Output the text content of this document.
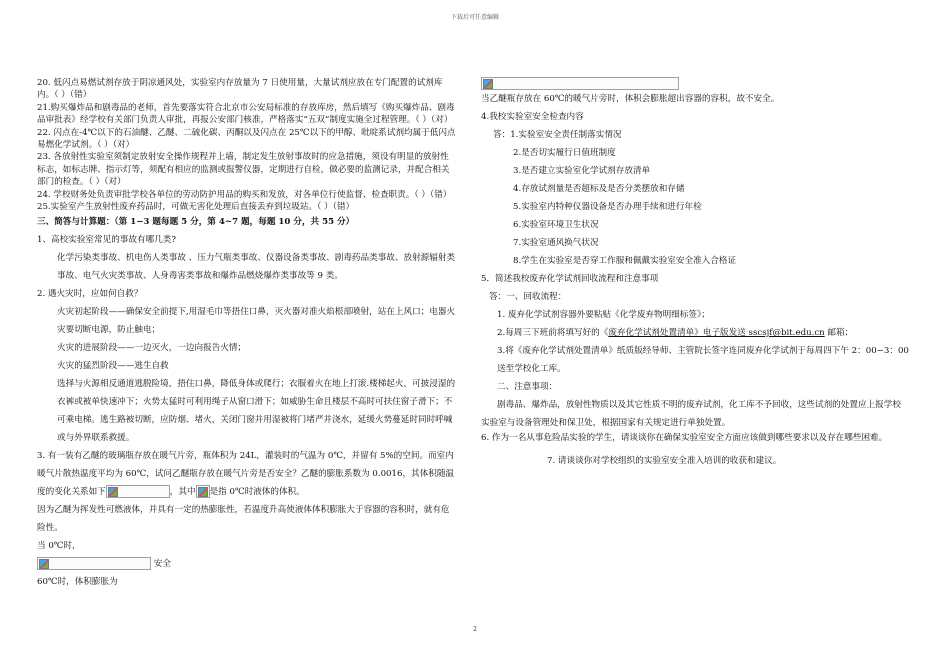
下载后可任意编辑

20. 低闪点易燃试剂存放于阴凉通风处，实验室内存放量为 7 日使用量，大量试剂应放在专门配置的试剂库内。（ ）（错）

21.购买爆炸品和剧毒品的老师，首先要落实符合北京市公安局标准的存放库房，然后填写《购买爆炸品、剧毒品审批表》经学校有关部门负责人审批，再报公安部门核准，严格落实“五双”制度实施全过程管理。（ ）（对）

22. 闪点在-4℃以下的石油醚、乙醚、二硫化碳、丙酮以及闪点在 25℃以下的甲醇、吡啶系试剂均属于低闪点易燃化学试剂。（ ）（对）

23. 各放射性实验室须制定放射安全操作规程并上墙，制定发生放射事故时的应急措施，须设有明显的放射性标志，如标志牌、指示灯等，须配有相应的监测或报警仪器，定期进行自检，做必要的监测记录，并配合相关部门的检查。（ ）（对）

24. 学校财务处负责审批学校各单位的劳动防护用品的购买和发放，对各单位行使监督、检查职责。（ ）（错）

25.实验室产生放射性废弃药品时，可做无害化处理后直接丢弃到垃圾站。（ ）（错）

三、简答与计算题：（第 1−3 题每题 5 分，第 4~7 题，每题 10 分，共 55 分）

1、高校实验室常见的事故有哪几类?

化学污染类事故、机电伤人类事故 、压力气瓶类事故、仪器设备类事故、剧毒药品类事故、放射源辐射类事故、电气火灾类事故、人身毒害类事故和爆炸品燃烧爆炸类事故等 9 类。

2. 遇火灾时，应如何自救？

火灾初起阶段——确保安全前提下,用湿毛巾等捂住口鼻，灭火器对准火焰根部喷射，站在上风口；电器火灾要切断电源，防止触电；

火灾的进展阶段——一边灭火，一边向报告火情；

火灾的猛烈阶段——逃生自救

选择与火源相反通道逃脱险境，捂住口鼻，降低身体或爬行；衣服着火在地上打滚.楼梯起火，可披浸湿的衣裤或被单快速冲下；火势太猛时可利用绳子从窗口滑下；如威胁生命且楼层不高时可扶住窗子滑下；不可乘电梯。逃生路被切断，应防烟、堵火，关闭门窗并用湿被将门堵严并浇水，延缓火势蔓延时同时呼喊或与外界联系救援。

3. 有一装有乙醚的玻璃瓶存放在暖气片旁，瓶体积为 24L，灌装时的气温为 0℃，并留有 5%的空间。而室内暖气片散热温度平均为 60℃，试问乙醚瓶存放在暖气片旁是否安全？乙醚的膨胀系数为 0.0016，其体积随温度的变化关系如下	，其中 是指 0℃时液体的体积。

因为乙醚为挥发性可燃液体，并具有一定的热膨胀性，若温度升高使液体体积膨胀大于容器的容积时，就有危险性。

当 0℃时，

安全

60℃时，体积膨胀为

当乙醚瓶存放在 60℃的暖气片旁时，体积会膨胀超出容器的容积，故不安全。

4.我校实验室安全检查内容

答：1.实验室安全责任制落实情况

2.是否切实履行日值班制度

3.是否建立实验室化学试剂存放清单

4.存放试剂量是否超标及是否分类摆放和存储

5.实验室内特种仪器设备是否办理手续和进行年检

6.实验室环境卫生状况

7.实验室通风换气状况

8.学生在实验室是否穿工作服和佩戴实验室安全准入合格证

5．简述我校废弃化学试剂回收流程和注意事项

答：一、回收流程：

1. 废弃化学试剂容器外要粘贴《化学废弃物明细标签》；

2.每周三下班前将填写好的《废弃化学试剂处置清单》电子版发送 sscsjf@bit.edu.cn 邮箱；

3.将《废弃化学试剂处置清单》纸质版经导师、主管院长签字连同废弃化学试剂于每周四下午 2：00−3：00 送至学校化工库。

二、注意事项：

剧毒品、爆炸品，放射性物质以及其它性质不明的废弃试剂，化工库不予回收，这些试剂的处置应上报学校实验室与设备管理处和保卫处，根据国家有关规定进行单独处置。

6. 作为一名从事危险品实验的学生，请谈谈你在确保实验室安全方面应该做到哪些要求以及存在哪些困难。

7. 请谈谈你对学校组织的实验室安全准入培训的收获和建议。

2
